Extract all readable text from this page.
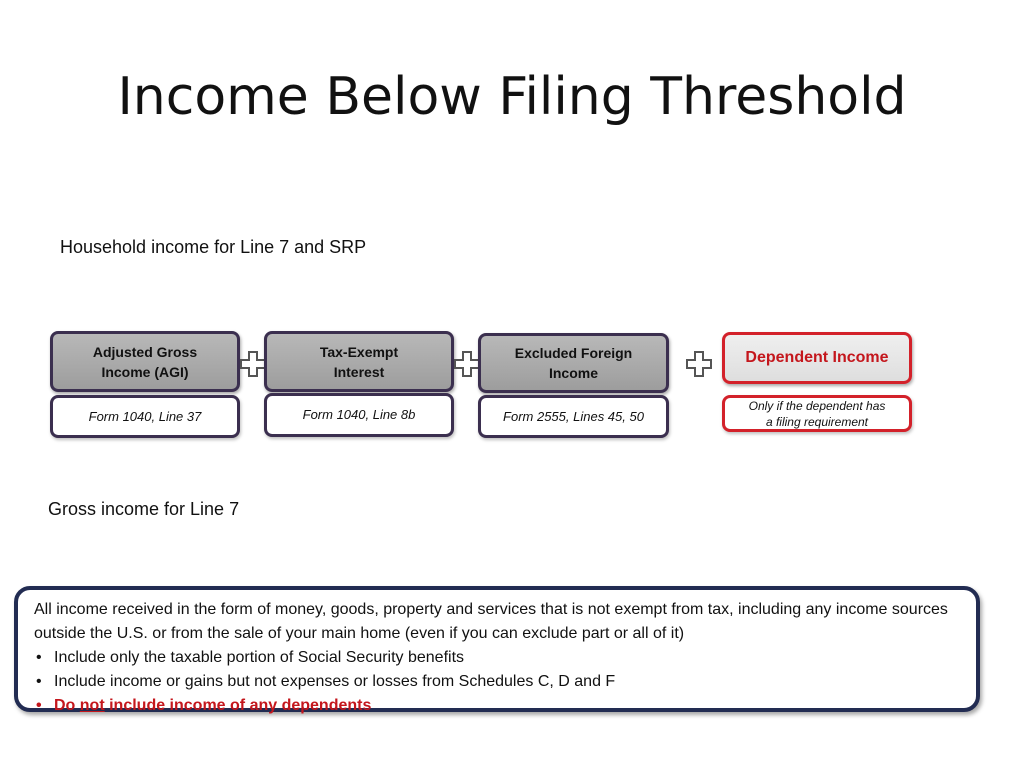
Income Below Filing Threshold
Household income for Line 7 and SRP
Adjusted Gross
Income (AGI)
Form 1040, Line 37
Tax-Exempt
Interest
Form 1040, Line 8b
Excluded Foreign
Income
Form 2555, Lines 45, 50
Dependent Income
Only if the dependent has
a filing requirement
Gross income for Line 7
All income received in the form of money, goods, property and services that is not exempt from tax, including any income sources outside the U.S. or from the sale of your main home (even if you can exclude part or all of it)
• Include only the taxable portion of Social Security benefits
• Include income or gains but not expenses or losses from Schedules C, D and F
• Do not include income of any dependents
